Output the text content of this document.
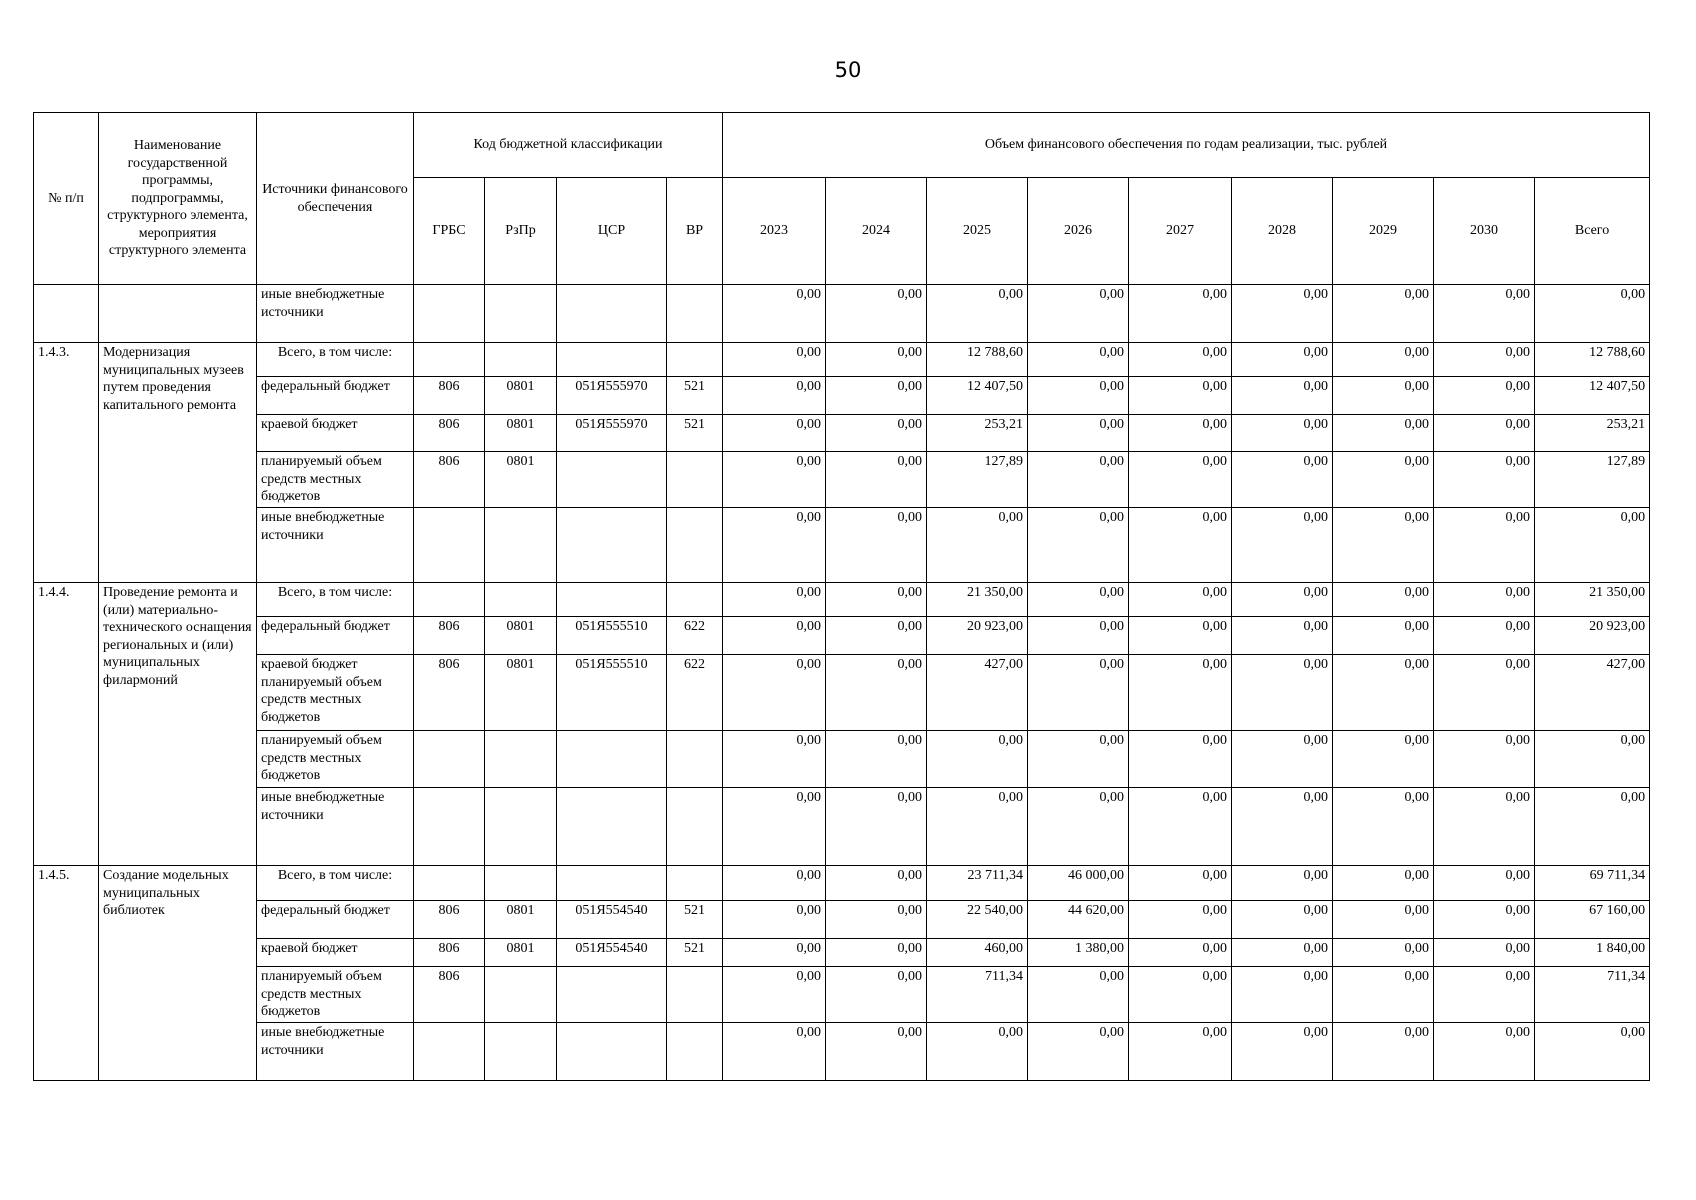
50
№ п/п	Наименование государственной программы, подпрограммы, структурного элемента, мероприятия структурного элемента	Источники финансового обеспечения	Код бюджетной классификации				Объем финансового обеспечения по годам реализации, тыс. рублей								
			ГРБС	РзПр	ЦСР	ВР	2023	2024	2025	2026	2027	2028	2029	2030	Всего
		иные внебюджетные источники					0,00	0,00	0,00	0,00	0,00	0,00	0,00	0,00	0,00
1.4.3.	Модернизация муниципальных музеев путем проведения капитального ремонта	Всего, в том числе:					0,00	0,00	12 788,60	0,00	0,00	0,00	0,00	0,00	12 788,60
		федеральный бюджет	806	0801	051Я555970	521	0,00	0,00	12 407,50	0,00	0,00	0,00	0,00	0,00	12 407,50
		краевой бюджет	806	0801	051Я555970	521	0,00	0,00	253,21	0,00	0,00	0,00	0,00	0,00	253,21
		планируемый объем средств местных бюджетов	806	0801			0,00	0,00	127,89	0,00	0,00	0,00	0,00	0,00	127,89
		иные внебюджетные источники					0,00	0,00	0,00	0,00	0,00	0,00	0,00	0,00	0,00
1.4.4.	Проведение ремонта и (или) материально-технического оснащения региональных и (или) муниципальных филармоний	Всего, в том числе:					0,00	0,00	21 350,00	0,00	0,00	0,00	0,00	0,00	21 350,00
		федеральный бюджет	806	0801	051Я555510	622	0,00	0,00	20 923,00	0,00	0,00	0,00	0,00	0,00	20 923,00
		краевой бюджет планируемый объем средств местных бюджетов	806	0801	051Я555510	622	0,00	0,00	427,00	0,00	0,00	0,00	0,00	0,00	427,00
		планируемый объем средств местных бюджетов					0,00	0,00	0,00	0,00	0,00	0,00	0,00	0,00	0,00
		иные внебюджетные источники					0,00	0,00	0,00	0,00	0,00	0,00	0,00	0,00	0,00
1.4.5.	Создание модельных муниципальных библиотек	Всего, в том числе:					0,00	0,00	23 711,34	46 000,00	0,00	0,00	0,00	0,00	69 711,34
		федеральный бюджет	806	0801	051Я554540	521	0,00	0,00	22 540,00	44 620,00	0,00	0,00	0,00	0,00	67 160,00
		краевой бюджет	806	0801	051Я554540	521	0,00	0,00	460,00	1 380,00	0,00	0,00	0,00	0,00	1 840,00
		планируемый объем средств местных бюджетов	806				0,00	0,00	711,34	0,00	0,00	0,00	0,00	0,00	711,34
		иные внебюджетные источники					0,00	0,00	0,00	0,00	0,00	0,00	0,00	0,00	0,00
